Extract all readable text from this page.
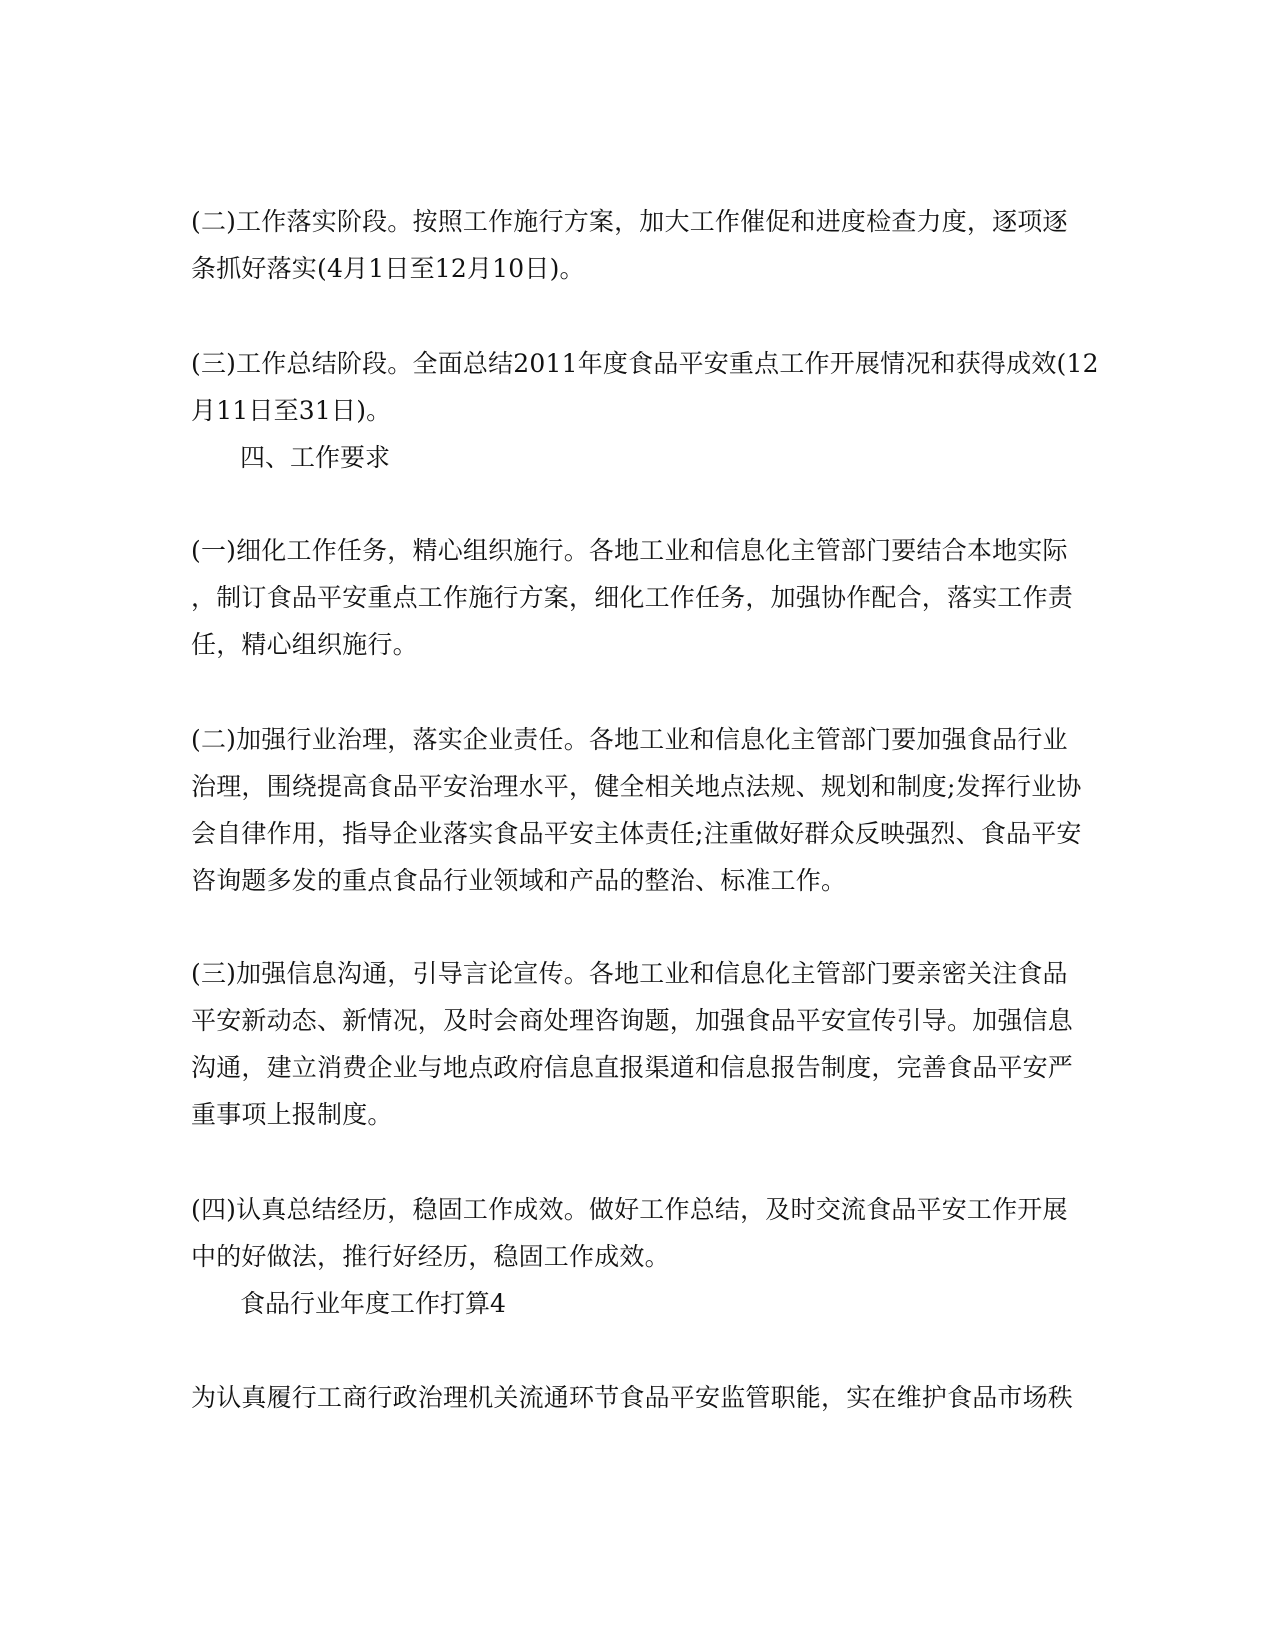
(二)工作落实阶段。按照工作施行方案，加大工作催促和进度检查力度，逐项逐
条抓好落实(4月1日至12月10日)。

(三)工作总结阶段。全面总结2011年度食品平安重点工作开展情况和获得成效(12
月11日至31日)。

四、工作要求

(一)细化工作任务，精心组织施行。各地工业和信息化主管部门要结合本地实际
，制订食品平安重点工作施行方案，细化工作任务，加强协作配合，落实工作责
任，精心组织施行。

(二)加强行业治理，落实企业责任。各地工业和信息化主管部门要加强食品行业
治理，围绕提高食品平安治理水平，健全相关地点法规、规划和制度;发挥行业协
会自律作用，指导企业落实食品平安主体责任;注重做好群众反映强烈、食品平安
咨询题多发的重点食品行业领域和产品的整治、标准工作。

(三)加强信息沟通，引导言论宣传。各地工业和信息化主管部门要亲密关注食品
平安新动态、新情况，及时会商处理咨询题，加强食品平安宣传引导。加强信息
沟通，建立消费企业与地点政府信息直报渠道和信息报告制度，完善食品平安严
重事项上报制度。

(四)认真总结经历，稳固工作成效。做好工作总结，及时交流食品平安工作开展
中的好做法，推行好经历，稳固工作成效。

食品行业年度工作打算4

为认真履行工商行政治理机关流通环节食品平安监管职能，实在维护食品市场秩
